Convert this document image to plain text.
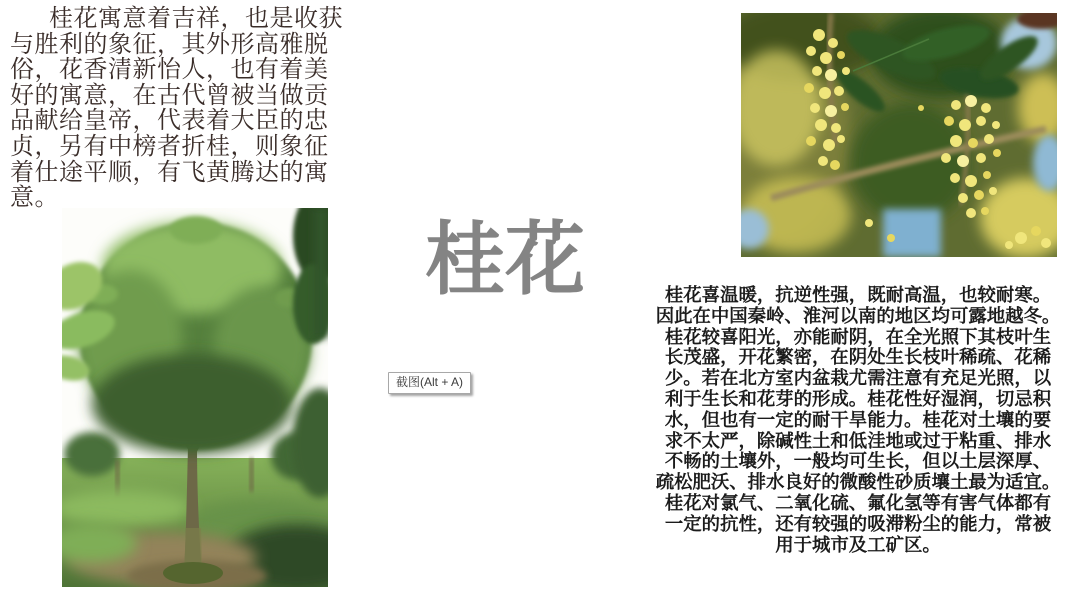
桂花寓意着吉祥，也是收获
与胜利的象征，其外形高雅脱
俗，花香清新怡人，也有着美
好的寓意，在古代曾被当做贡
品献给皇帝，代表着大臣的忠
贞，另有中榜者折桂，则象征
着仕途平顺，有飞黄腾达的寓
意。
桂花
截图(Alt + A)
桂花喜温暖，抗逆性强，既耐高温，也较耐寒。
因此在中国秦岭、淮河以南的地区均可露地越冬。
桂花较喜阳光，亦能耐阴，在全光照下其枝叶生
长茂盛，开花繁密，在阴处生长枝叶稀疏、花稀
少。若在北方室内盆栽尤需注意有充足光照，以
利于生长和花芽的形成。桂花性好湿润，切忌积
水，但也有一定的耐干旱能力。桂花对土壤的要
求不太严，除碱性土和低洼地或过于粘重、排水
不畅的土壤外，一般均可生长，但以土层深厚、
疏松肥沃、排水良好的微酸性砂质壤土最为适宜。
桂花对氯气、二氧化硫、氟化氢等有害气体都有
一定的抗性，还有较强的吸滞粉尘的能力，常被
用于城市及工矿区。
